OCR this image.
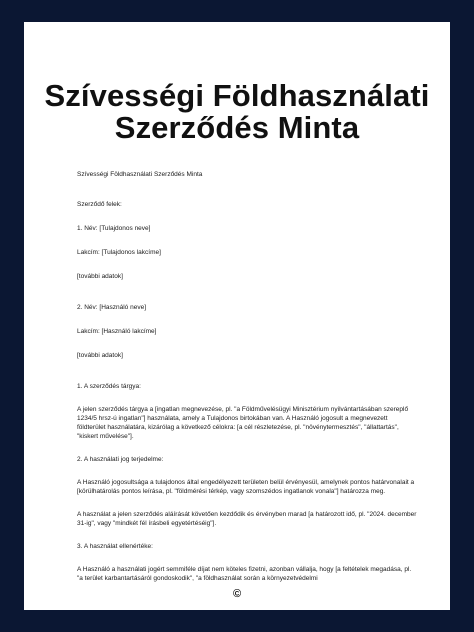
Szívességi Földhasználati
Szerződés Minta

Szívességi Földhasználati Szerződés Minta

Szerződő felek:

1. Név: [Tulajdonos neve]

Lakcím: [Tulajdonos lakcíme]

[további adatok]

2. Név: [Használó neve]

Lakcím: [Használó lakcíme]

[további adatok]

1. A szerződés tárgya:

A jelen szerződés tárgya a [ingatlan megnevezése, pl. "a Földművelésügyi Minisztérium nyilvántartásában szereplő 1234/5 hrsz-ú ingatlan"] használata, amely a Tulajdonos birtokában van. A Használó jogosult a megnevezett földterület használatára, kizárólag a következő célokra: [a cél részletezése, pl. "növénytermesztés", "állattartás", "kiskert művelése"].

2. A használati jog terjedelme:

A Használó jogosultsága a tulajdonos által engedélyezett területen belül érvényesül, amelynek pontos határvonalait a [körülhatárolás pontos leírása, pl. "földmérési térkép, vagy szomszédos ingatlanok vonala"] határozza meg.

A használat a jelen szerződés aláírását követően kezdődik és érvényben marad [a határozott idő, pl. "2024. december 31-ig", vagy "mindkét fél írásbeli egyetértéséig"].

3. A használat ellenértéke:

A Használó a használati jogért semmiféle díjat nem köteles fizetni, azonban vállalja, hogy [a feltételek megadása, pl. "a terület karbantartásáról gondoskodik", "a földhasználat során a környezetvédelmi

©
